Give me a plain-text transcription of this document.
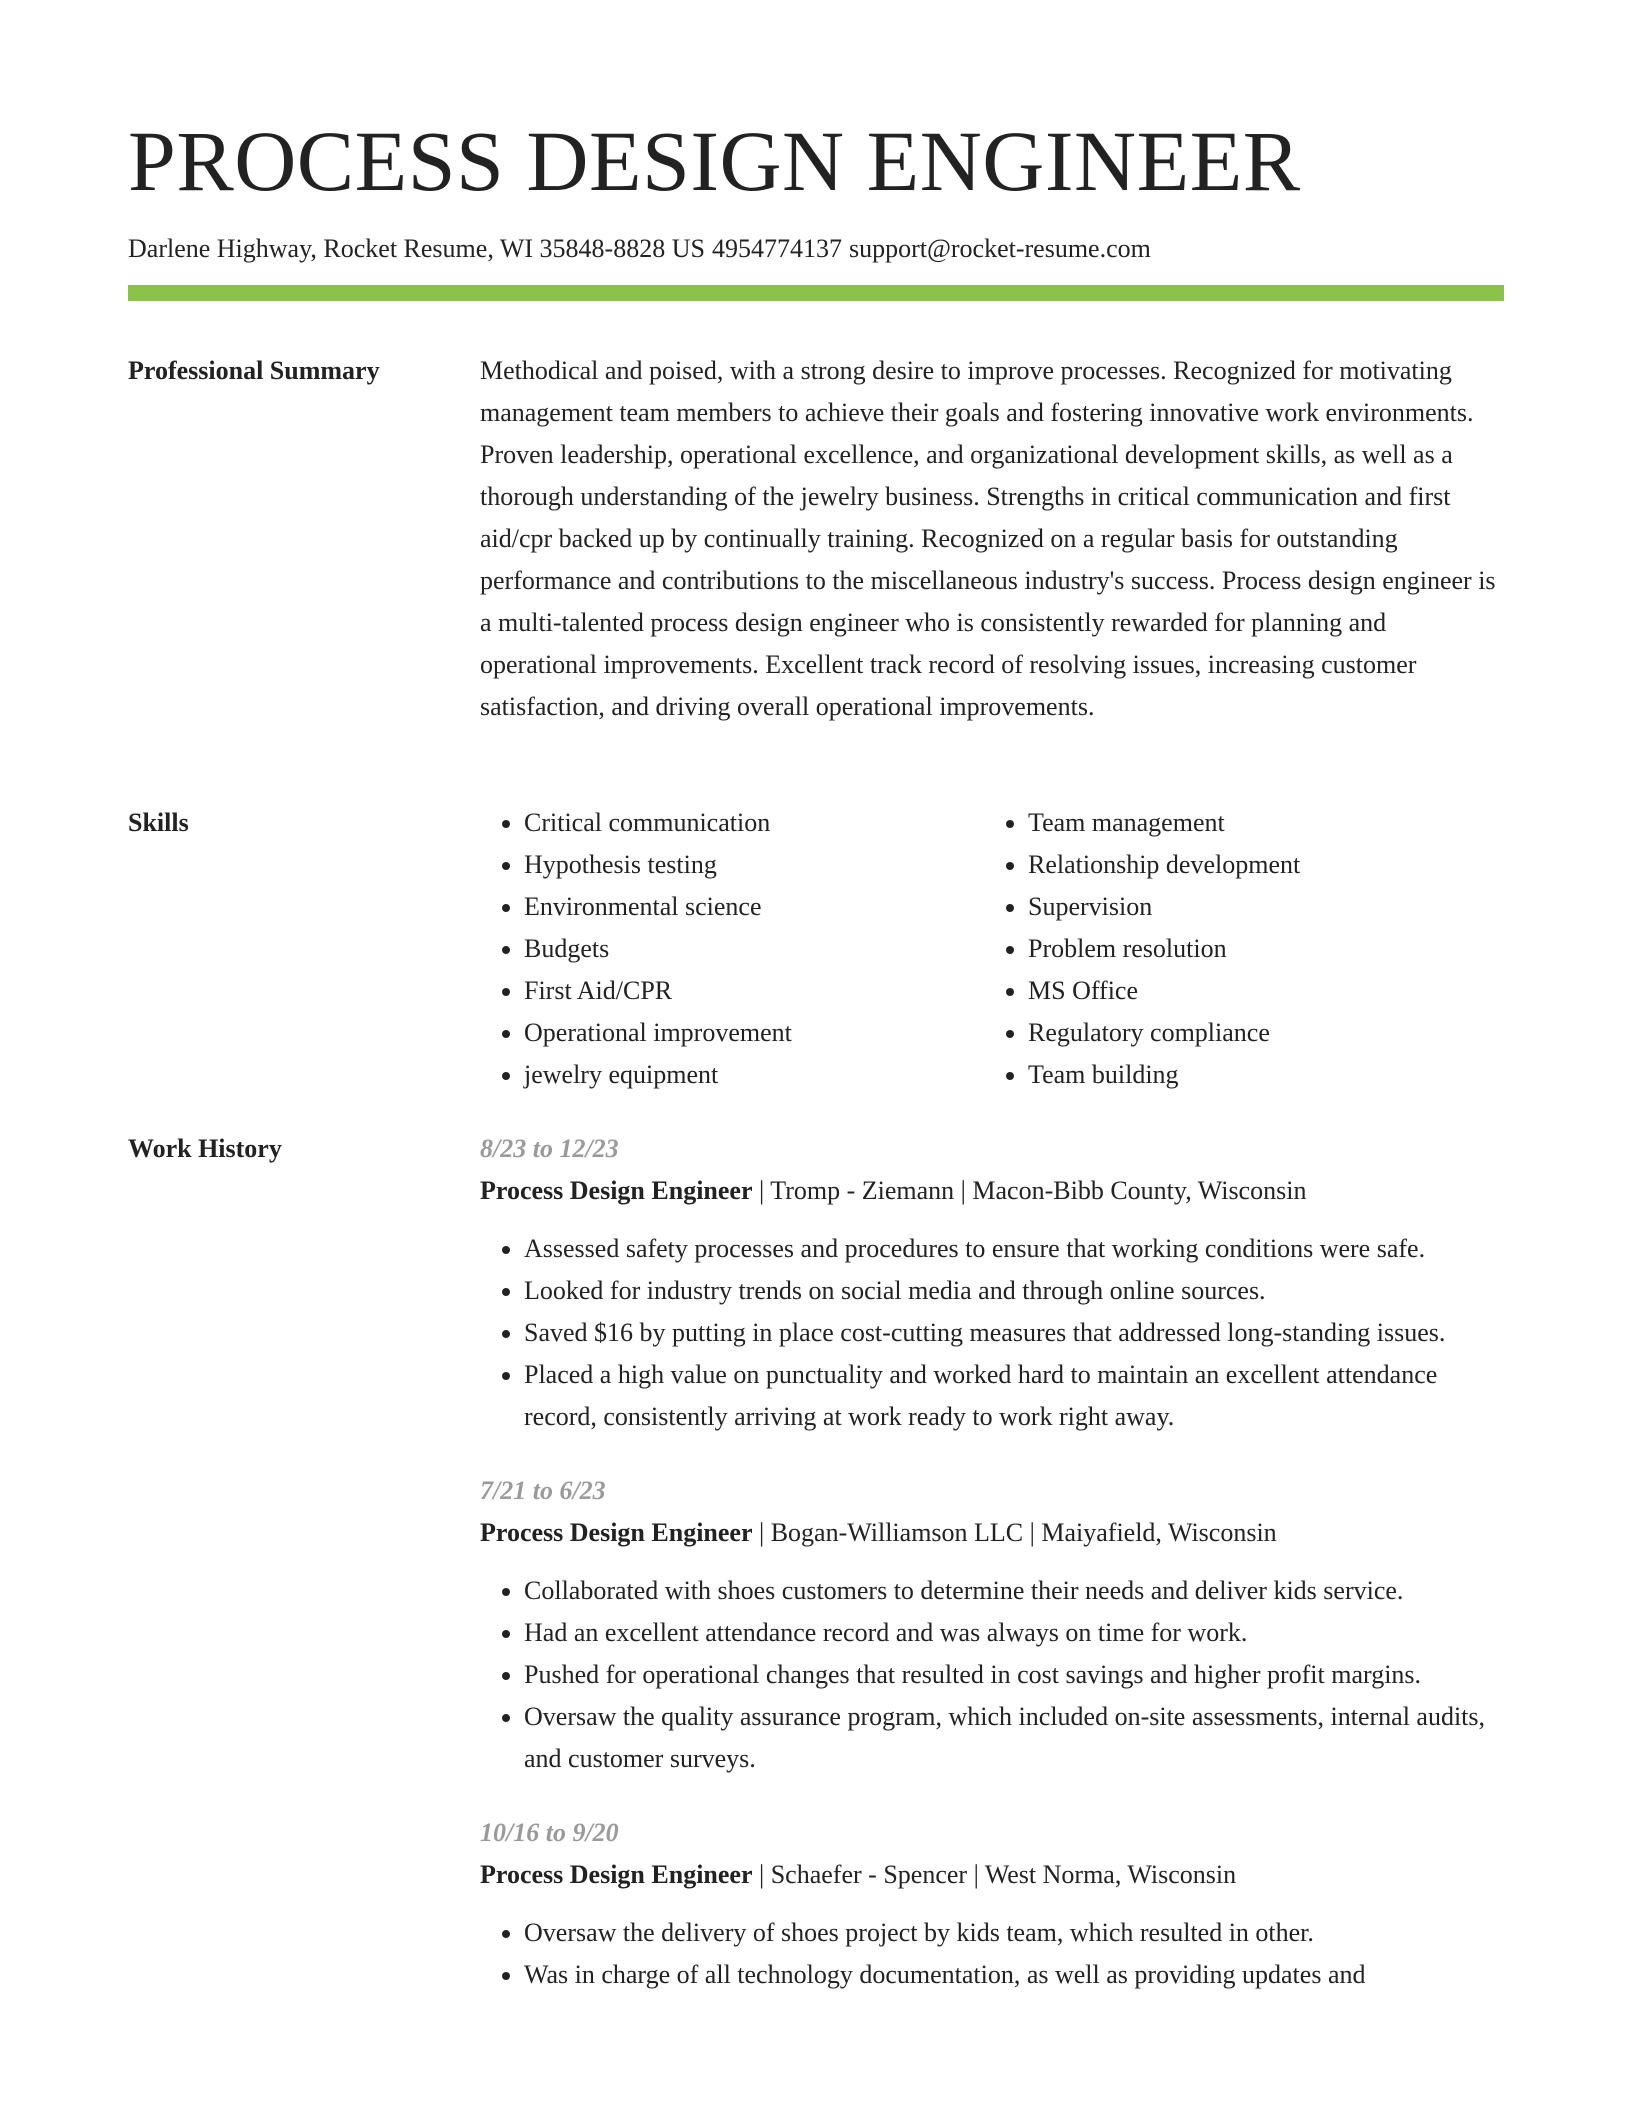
PROCESS DESIGN ENGINEER
Darlene Highway, Rocket Resume, WI 35848-8828 US 4954774137 support@rocket-resume.com
Professional Summary	Methodical and poised, with a strong desire to improve processes. Recognized for motivating management team members to achieve their goals and fostering innovative work environments. Proven leadership, operational excellence, and organizational development skills, as well as a thorough understanding of the jewelry business. Strengths in critical communication and first aid/cpr backed up by continually training. Recognized on a regular basis for outstanding performance and contributions to the miscellaneous industry's success. Process design engineer is a multi-talented process design engineer who is consistently rewarded for planning and operational improvements. Excellent track record of resolving issues, increasing customer satisfaction, and driving overall operational improvements.

Skills
•	Critical communication
• Hypothesis testing
• Environmental science
• Budgets
• First Aid/CPR
• Operational improvement
• jewelry equipment
• Team management
• Relationship development
• Supervision
• Problem resolution
• MS Office
• Regulatory compliance
• Team building
Work History	8/23 to 12/23
Process Design Engineer | Tromp - Ziemann | Macon-Bibb County, Wisconsin
• Assessed safety processes and procedures to ensure that working conditions were safe.
• Looked for industry trends on social media and through online sources.
• Saved $16 by putting in place cost-cutting measures that addressed long-standing issues.
• Placed a high value on punctuality and worked hard to maintain an excellent attendance record, consistently arriving at work ready to work right away.
7/21 to 6/23
Process Design Engineer | Bogan-Williamson LLC | Maiyafield, Wisconsin
• Collaborated with shoes customers to determine their needs and deliver kids service.
• Had an excellent attendance record and was always on time for work.
• Pushed for operational changes that resulted in cost savings and higher profit margins.
• Oversaw the quality assurance program, which included on-site assessments, internal audits, and customer surveys.
10/16 to 9/20
Process Design Engineer | Schaefer - Spencer | West Norma, Wisconsin
• Oversaw the delivery of shoes project by kids team, which resulted in other.
• Was in charge of all technology documentation, as well as providing updates and
